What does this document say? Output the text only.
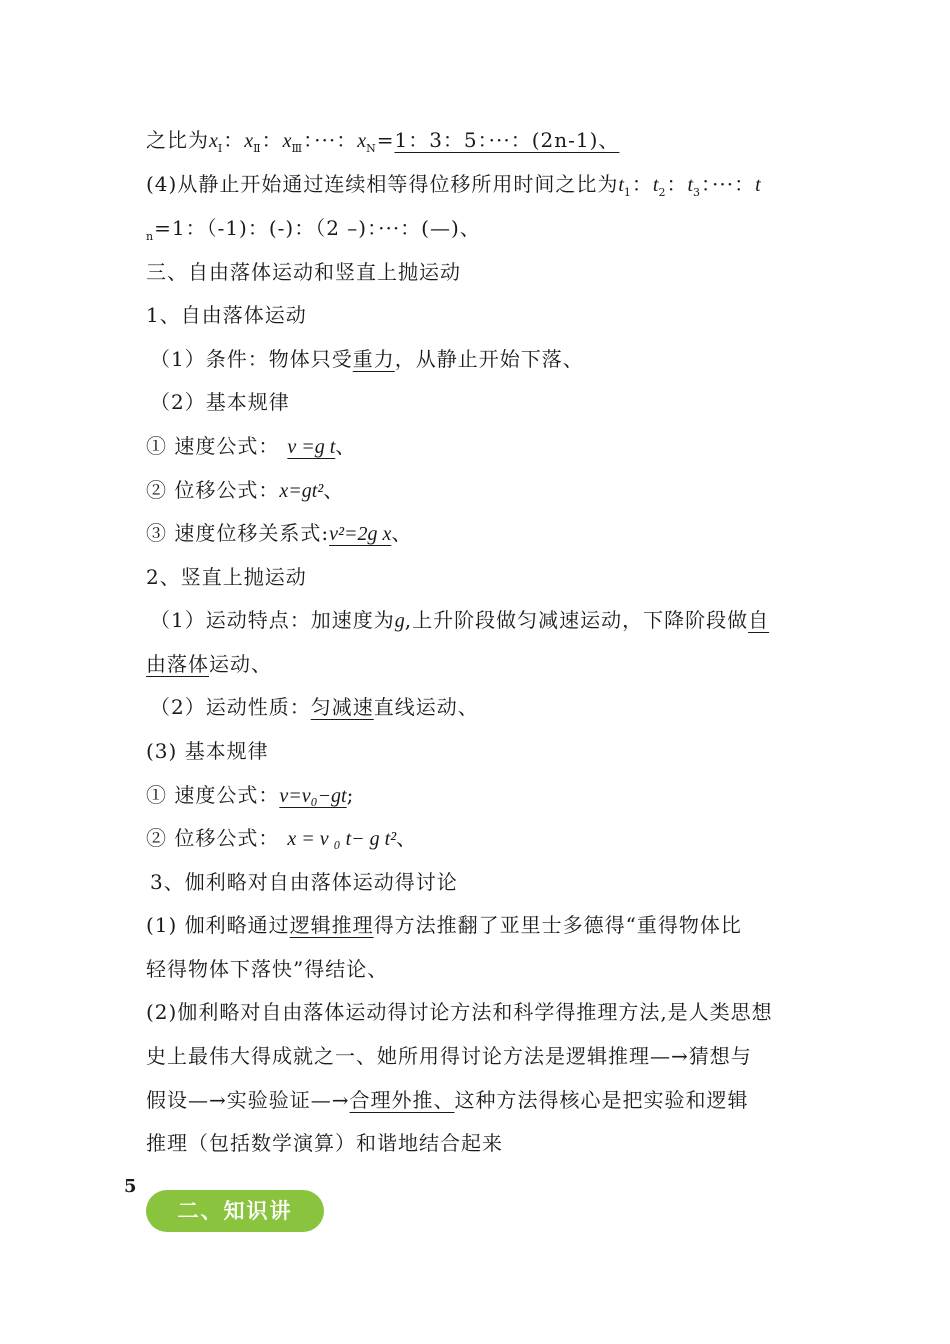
之比为$x_Ⅰ$：$x_Ⅱ$：$x_Ⅲ$：···：$x_N=1$：3：5：···：(2n-1)、
(4)从静止开始通过连续相等得位移所用时间之比为$t_1$：$t_2$：$t_3$：···：t
$_n$=1：（-1)：(-)：（2 –)：···：(—)、
三、自由落体运动和竖直上抛运动
1、自由落体运动
（1）条件：物体只受重力，从静止开始下落、
（2）基本规律
① 速度公式： v =g t、
② 位移公式：x=gt²、
③ 速度位移关系式:v²=2g x、
2、竖直上抛运动
（1）运动特点：加速度为g,上升阶段做匀减速运动，下降阶段做自
由落体运动、
（2）运动性质：匀减速直线运动、
(3) 基本规律
① 速度公式：v=v₀−gt;
② 位移公式： x = v ₀ t− g t²、
3、伽利略对自由落体运动得讨论
(1) 伽利略通过逻辑推理得方法推翻了亚里士多德得“重得物体比
轻得物体下落快”得结论、
(2)伽利略对自由落体运动得讨论方法和科学得推理方法,是人类思想
史上最伟大得成就之一、她所用得讨论方法是逻辑推理—→猜想与
假设—→实验验证—→合理外推、这种方法得核心是把实验和逻辑
推理（包括数学演算）和谐地结合起来
5
二、知识讲
